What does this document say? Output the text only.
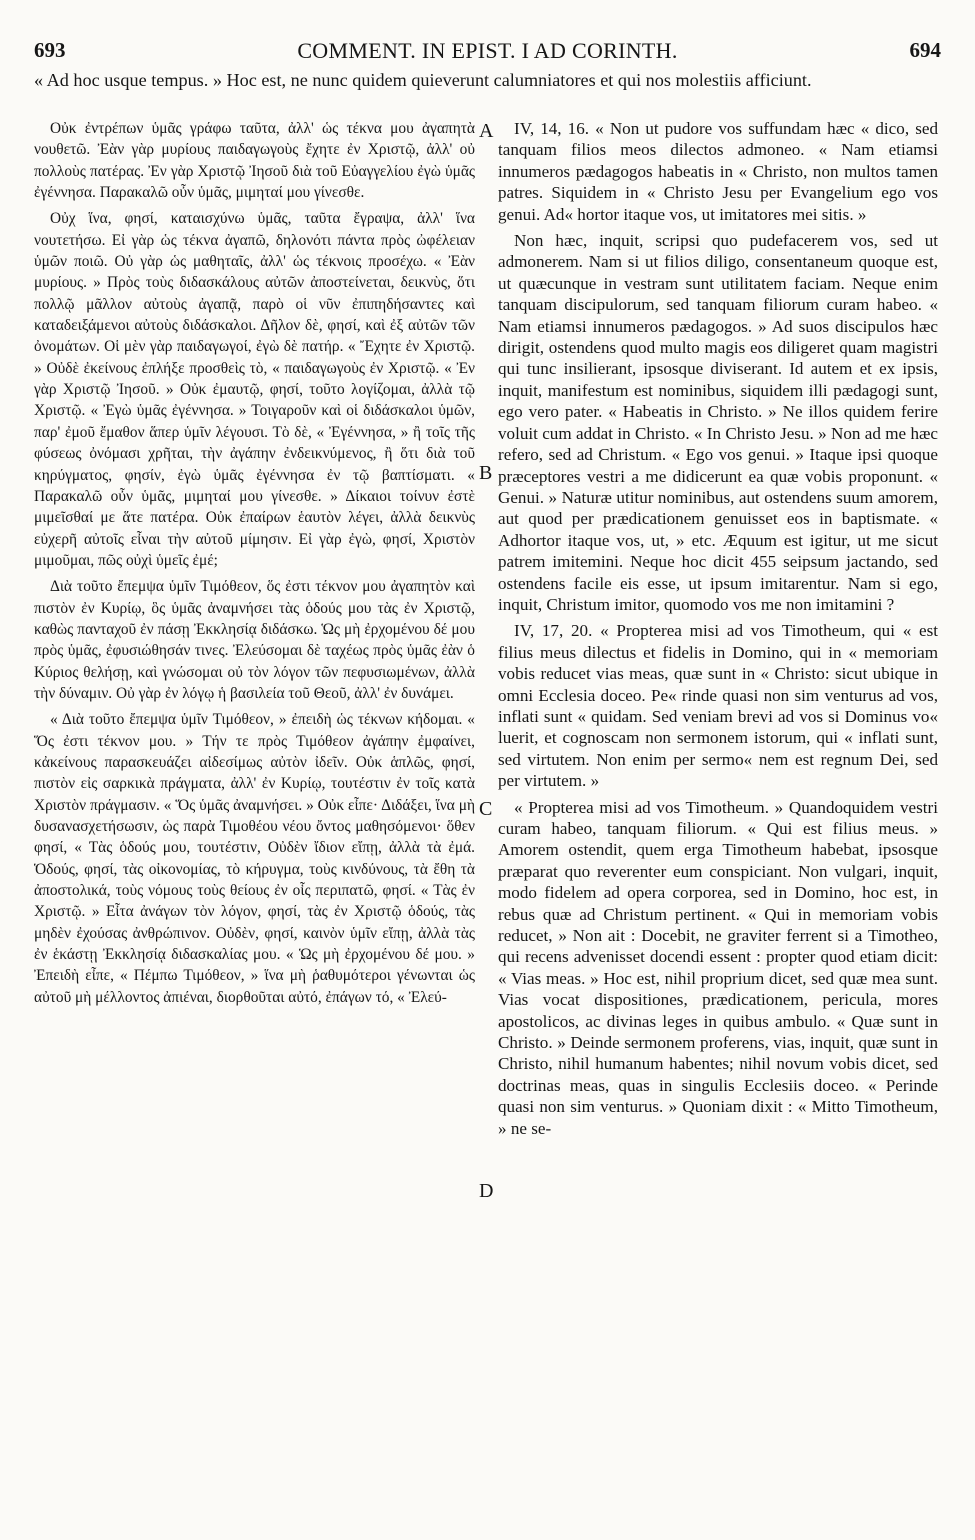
693	COMMENT. IN EPIST. I AD CORINTH.	694

« Ad hoc usque tempus. » Hoc est, ne nunc quidem quieverunt calumniatores et qui nos molestiis afficiunt.

Οὐκ ἐντρέπων ὑμᾶς γράφω ταῦτα, ἀλλ' ὡς τέκνα μου ἀγαπητὰ νουθετῶ. Ἐὰν γὰρ μυρίους παιδαγωγοὺς ἔχητε ἐν Χριστῷ, ἀλλ' οὐ πολλοὺς πατέρας. Ἐν γὰρ Χριστῷ Ἰησοῦ διὰ τοῦ Εὐαγγελίου ἐγὼ ὑμᾶς ἐγέννησα. Παρακαλῶ οὖν ὑμᾶς, μιμηταί μου γίνεσθε.

Οὐχ ἵνα, φησί, καταισχύνω ὑμᾶς, ταῦτα ἔγραψα, ἀλλ' ἵνα νουτετήσω. Εἰ γὰρ ὡς τέκνα ἀγαπῶ, δηλονότι πάντα πρὸς ὠφέλειαν ὑμῶν ποιῶ. Οὐ γὰρ ὡς μαθηταῖς, ἀλλ' ὡς τέκνοις προσέχω. « Ἐὰν μυρίους. » Πρὸς τοὺς διδασκάλους αὐτῶν ἀποστείνεται, δεικνὺς, ὅτι πολλῷ μᾶλλον αὐτοὺς ἀγαπᾷ, παρὸ οἱ νῦν ἐπιπηδήσαντες καὶ καταδειξάμενοι αὐτοὺς διδάσκαλοι. Δῆλον δὲ, φησί, καὶ ἐξ αὐτῶν τῶν ὀνομάτων. Οἱ μὲν γὰρ παιδαγωγοί, ἐγὼ δὲ πατήρ. « Ἔχητε ἐν Χριστῷ. » Οὐδὲ ἐκείνους ἐπλήξε προσθεὶς τὸ, « παιδαγωγοὺς ἐν Χριστῷ. « Ἐν γὰρ Χριστῷ Ἰησοῦ. » Οὐκ ἐμαυτῷ, φησί, τοῦτο λογίζομαι, ἀλλὰ τῷ Χριστῷ. « Ἐγὼ ὑμᾶς ἐγέννησα. » Τοιγαροῦν καὶ οἱ διδάσκαλοι ὑμῶν, παρ' ἐμοῦ ἔμαθον ἅπερ ὑμῖν λέγουσι. Τὸ δὲ, « Ἐγέννησα, » ἢ τοῖς τῆς φύσεως ὀνόμασι χρῆται, τὴν ἀγάπην ἐνδεικνύμενος, ἢ ὅτι διὰ τοῦ κηρύγματος, φησίν, ἐγὼ ὑμᾶς ἐγέννησα ἐν τῷ βαπτίσματι. « Παρακαλῶ οὖν ὑμᾶς, μιμηταί μου γίνεσθε. » Δίκαιοι τοίνυν ἐστὲ μιμεῖσθαί με ἅτε πατέρα. Οὐκ ἐπαίρων ἑαυτὸν λέγει, ἀλλὰ δεικνὺς εὐχερῆ αὐτοῖς εἶναι τὴν αὐτοῦ μίμησιν. Εἰ γὰρ ἐγὼ, φησί, Χριστὸν μιμοῦμαι, πῶς οὐχὶ ὑμεῖς ἐμέ;

Διὰ τοῦτο ἔπεμψα ὑμῖν Τιμόθεον, ὅς ἐστι τέκνον μου ἀγαπητὸν καὶ πιστὸν ἐν Κυρίῳ, ὃς ὑμᾶς ἀναμνήσει τὰς ὁδούς μου τὰς ἐν Χριστῷ, καθὼς πανταχοῦ ἐν πάσῃ Ἐκκλησίᾳ διδάσκω. Ὡς μὴ ἐρχομένου δέ μου πρὸς ὑμᾶς, ἐφυσιώθησάν τινες. Ἐλεύσομαι δὲ ταχέως πρὸς ὑμᾶς ἐὰν ὁ Κύριος θελήσῃ, καὶ γνώσομαι οὐ τὸν λόγον τῶν πεφυσιωμένων, ἀλλὰ τὴν δύναμιν. Οὐ γὰρ ἐν λόγῳ ἡ βασιλεία τοῦ Θεοῦ, ἀλλ' ἐν δυνάμει.

« Διὰ τοῦτο ἔπεμψα ὑμῖν Τιμόθεον, » ἐπειδὴ ὡς τέκνων κήδομαι. « Ὅς ἐστι τέκνον μου. » Τήν τε πρὸς Τιμόθεον ἀγάπην ἐμφαίνει, κἀκείνους παρασκευάζει αἰδεσίμως αὐτὸν ἰδεῖν. Οὐκ ἁπλῶς, φησί, πιστὸν εἰς σαρκικὰ πράγματα, ἀλλ' ἐν Κυρίῳ, τουτέστιν ἐν τοῖς κατὰ Χριστὸν πράγμασιν. « Ὅς ὑμᾶς ἀναμνήσει. » Οὐκ εἶπε· Διδάξει, ἵνα μὴ δυσανασχετήσωσιν, ὡς παρὰ Τιμοθέου νέου ὄντος μαθησόμενοι· ὅθεν φησί, « Τὰς ὁδούς μου, τουτέστιν, Οὐδὲν ἴδιον εἴπῃ, ἀλλὰ τὰ ἐμά. Ὁδούς, φησί, τὰς οἰκονομίας, τὸ κήρυγμα, τοὺς κινδύνους, τὰ ἔθη τὰ ἀποστολικά, τοὺς νόμους τοὺς θείους ἐν οἷς περιπατῶ, φησί. « Τὰς ἐν Χριστῷ. » Εἶτα ἀνάγων τὸν λόγον, φησί, τὰς ἐν Χριστῷ ὁδούς, τὰς μηδὲν ἐχούσας ἀνθρώπινον. Οὐδὲν, φησί, καινὸν ὑμῖν εἴπῃ, ἀλλὰ τὰς ἐν ἑκάστῃ Ἐκκλησίᾳ διδασκαλίας μου. « Ὡς μὴ ἐρχομένου δέ μου. » Ἐπειδὴ εἶπε, « Πέμπω Τιμόθεον, » ἵνα μὴ ῥαθυμότεροι γένωνται ὡς αὐτοῦ μὴ μέλλοντος ἀπιέναι, διορθοῦται αὐτό, ἐπάγων τό, « Ἐλεύ-

A
B
C
D

IV, 14, 16. « Non ut pudore vos suffundam hæc « dico, sed tanquam filios meos dilectos admoneo. « Nam etiamsi innumeros pædagogos habeatis in « Christo, non multos tamen patres. Siquidem in « Christo Jesu per Evangelium ego vos genui. Ad« hortor itaque vos, ut imitatores mei sitis. »

Non hæc, inquit, scripsi quo pudefacerem vos, sed ut admonerem. Nam si ut filios diligo, consentaneum quoque est, ut quæcunque in vestram sunt utilitatem faciam. Neque enim tanquam discipulorum, sed tanquam filiorum curam habeo. « Nam etiamsi innumeros pædagogos. » Ad suos discipulos hæc dirigit, ostendens quod multo magis eos diligeret quam magistri qui tunc insilierant, ipsosque diviserant. Id autem et ex ipsis, inquit, manifestum est nominibus, siquidem illi pædagogi sunt, ego vero pater. « Habeatis in Christo. » Ne illos quidem ferire voluit cum addat in Christo. « In Christo Jesu. » Non ad me hæc refero, sed ad Christum. « Ego vos genui. » Itaque ipsi quoque præceptores vestri a me didicerunt ea quæ vobis proponunt. « Genui. » Naturæ utitur nominibus, aut ostendens suum amorem, aut quod per prædicationem genuisset eos in baptismate. « Adhortor itaque vos, ut, » etc. Æquum est igitur, ut me sicut patrem imitemini. Neque hoc dicit 455 seipsum jactando, sed ostendens facile eis esse, ut ipsum imitarentur. Nam si ego, inquit, Christum imitor, quomodo vos me non imitamini ?

IV, 17, 20. « Propterea misi ad vos Timotheum, qui « est filius meus dilectus et fidelis in Domino, qui in « memoriam vobis reducet vias meas, quæ sunt in « Christo: sicut ubique in omni Ecclesia doceo. Pe« rinde quasi non sim venturus ad vos, inflati sunt « quidam. Sed veniam brevi ad vos si Dominus vo« luerit, et cognoscam non sermonem istorum, qui « inflati sunt, sed virtutem. Non enim per sermo« nem est regnum Dei, sed per virtutem. »

« Propterea misi ad vos Timotheum. » Quandoquidem vestri curam habeo, tanquam filiorum. « Qui est filius meus. » Amorem ostendit, quem erga Timotheum habebat, ipsosque præparat quo reverenter eum conspiciant. Non vulgari, inquit, modo fidelem ad opera corporea, sed in Domino, hoc est, in rebus quæ ad Christum pertinent. « Qui in memoriam vobis reducet, » Non ait : Docebit, ne graviter ferrent si a Timotheo, qui recens advenisset docendi essent : propter quod etiam dicit: « Vias meas. » Hoc est, nihil proprium dicet, sed quæ mea sunt. Vias vocat dispositiones, prædicationem, pericula, mores apostolicos, ac divinas leges in quibus ambulo. « Quæ sunt in Christo. » Deinde sermonem proferens, vias, inquit, quæ sunt in Christo, nihil humanum habentes; nihil novum vobis dicet, sed doctrinas meas, quas in singulis Ecclesiis doceo. « Perinde quasi non sim venturus. » Quoniam dixit : « Mitto Timotheum, » ne se-
